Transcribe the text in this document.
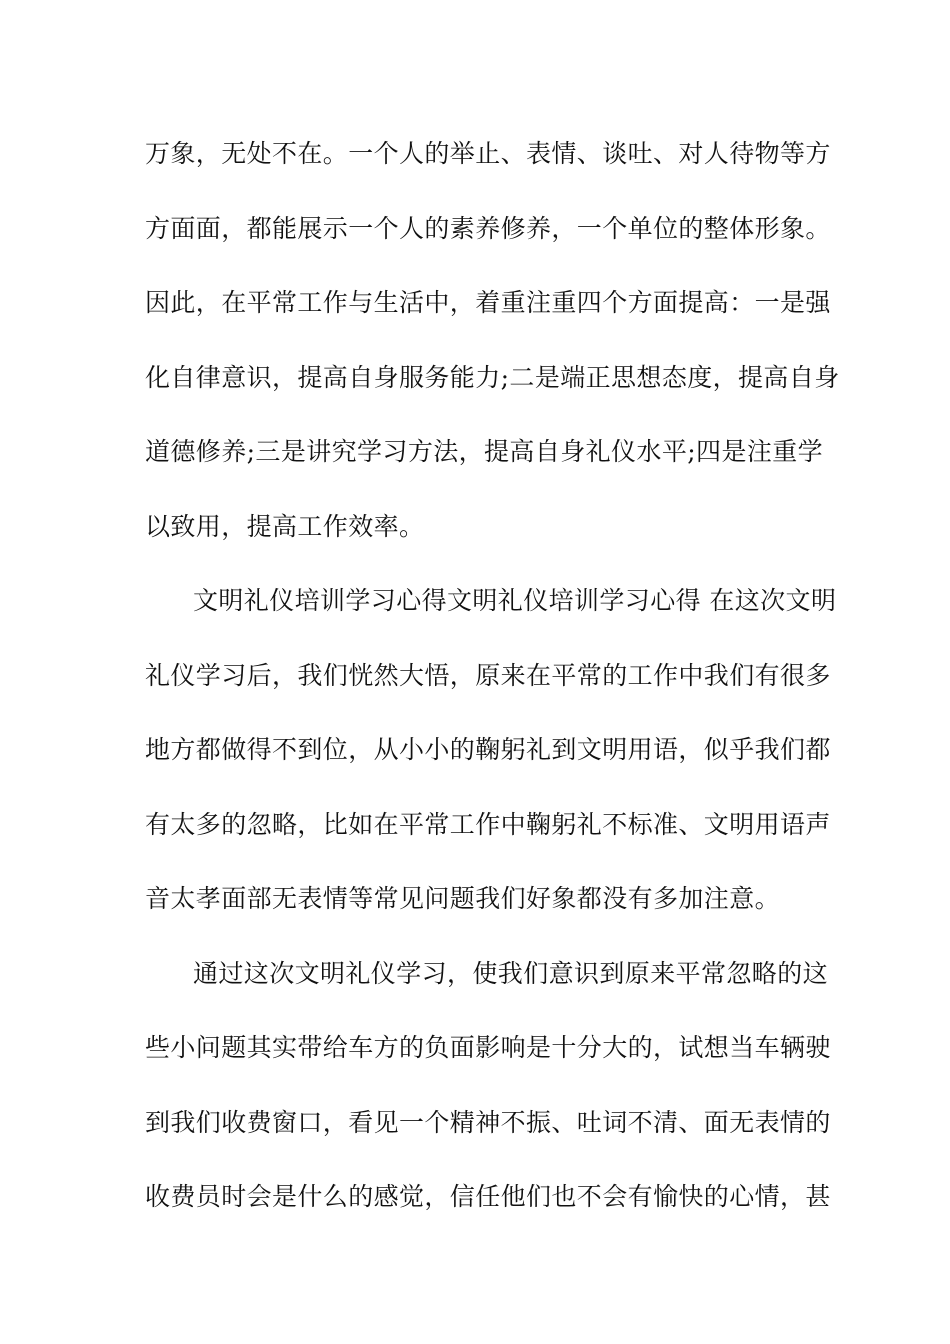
万象，无处不在。一个人的举止、表情、谈吐、对人待物等方
方面面，都能展示一个人的素养修养，一个单位的整体形象。
因此，在平常工作与生活中，着重注重四个方面提高：一是强
化自律意识，提高自身服务能力;二是端正思想态度，提高自身
道德修养;三是讲究学习方法，提高自身礼仪水平;四是注重学
以致用，提高工作效率。
文明礼仪培训学习心得文明礼仪培训学习心得 在这次文明
礼仪学习后，我们恍然大悟，原来在平常的工作中我们有很多
地方都做得不到位，从小小的鞠躬礼到文明用语，似乎我们都
有太多的忽略，比如在平常工作中鞠躬礼不标准、文明用语声
音太孝面部无表情等常见问题我们好象都没有多加注意。
通过这次文明礼仪学习，使我们意识到原来平常忽略的这
些小问题其实带给车方的负面影响是十分大的，试想当车辆驶
到我们收费窗口，看见一个精神不振、吐词不清、面无表情的
收费员时会是什么的感觉，信任他们也不会有愉快的心情，甚
